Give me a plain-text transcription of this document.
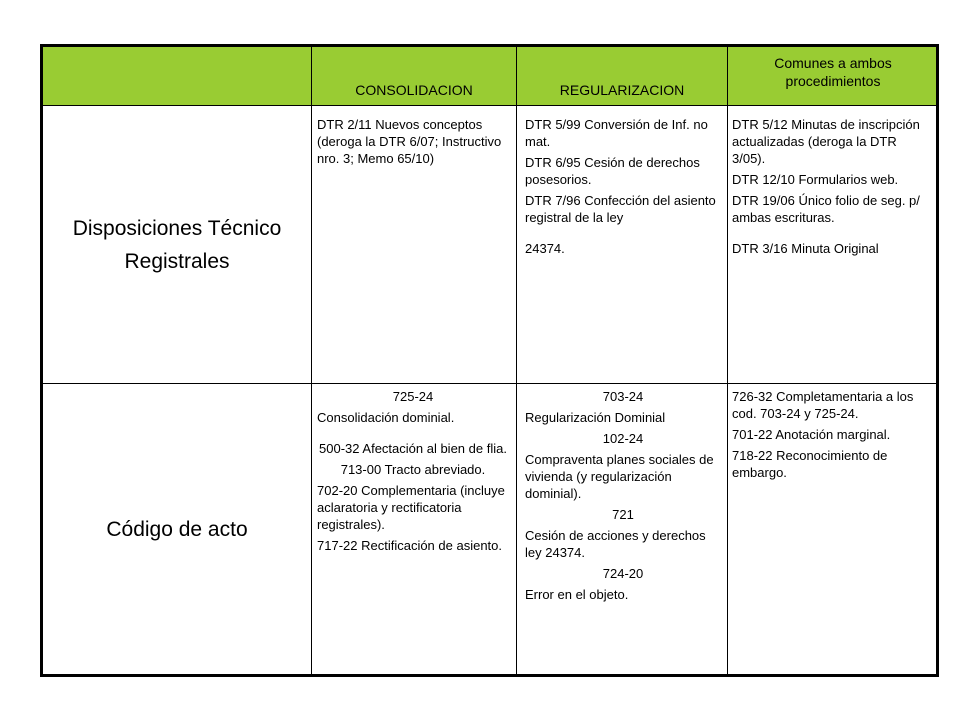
CONSOLIDACION	REGULARIZACION
Comunes a ambos procedimientos
Disposiciones Técnico Registrales

DTR 2/11 Nuevos conceptos (deroga la DTR 6/07; Instructivo nro. 3; Memo 65/10)

DTR 5/99 Conversión de Inf. no mat.

DTR 6/95 Cesión de derechos posesorios.

DTR 7/96 Confección del asiento registral de la ley

24374.

DTR 5/12 Minutas de inscripción actualizadas (deroga la DTR 3/05).

DTR 12/10 Formularios web.

DTR 19/06 Único folio de seg. p/ ambas escrituras.

DTR 3/16 Minuta Original

Código de acto

725-24

Consolidación dominial.

500-32 Afectación al bien de flia.

713-00 Tracto abreviado.

702-20 Complementaria (incluye aclaratoria y rectificatoria registrales).

717-22 Rectificación de asiento.

703-24

Regularización Dominial

102-24

Compraventa planes sociales de vivienda (y regularización dominial).

721

Cesión de acciones y derechos ley 24374.

724-20

Error en el objeto.

726-32 Completamentaria a los cod. 703-24 y 725-24.

701-22 Anotación marginal.

718-22 Reconocimiento de embargo.
